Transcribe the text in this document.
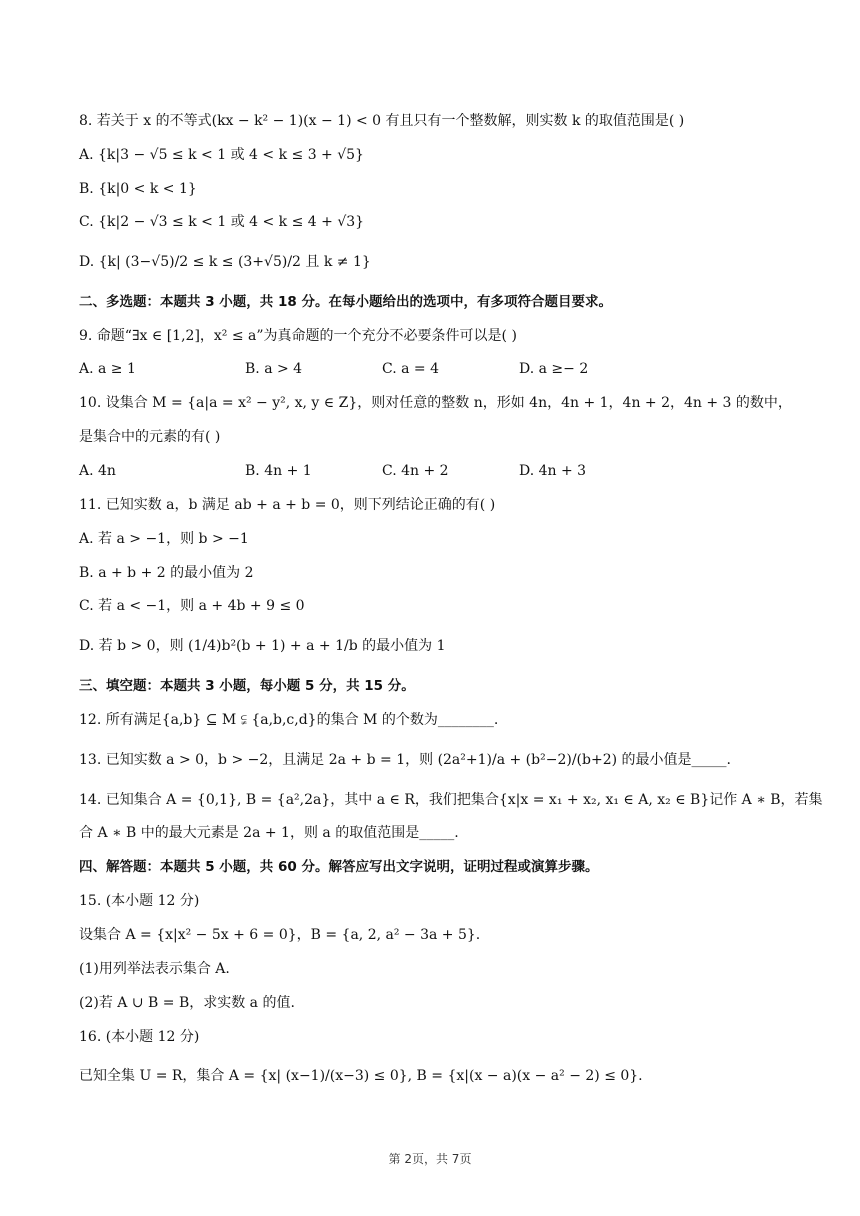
8. 若关于 x 的不等式(kx − k² − 1)(x − 1) < 0 有且只有一个整数解，则实数 k 的取值范围是( )
A. {k|3 − √5 ≤ k < 1 或 4 < k ≤ 3 + √5}
B. {k|0 < k < 1}
C. {k|2 − √3 ≤ k < 1 或 4 < k ≤ 4 + √3}
D. {k| (3−√5)/2 ≤ k ≤ (3+√5)/2 且 k ≠ 1}
二、多选题：本题共 3 小题，共 18 分。在每小题给出的选项中，有多项符合题目要求。
9. 命题“∃x ∈ [1,2]，x² ≤ a”为真命题的一个充分不必要条件可以是( )
A. a ≥ 1	B. a > 4	C. a = 4	D. a ≥− 2
10. 设集合 M = {a|a = x² − y², x, y ∈ Z}，则对任意的整数 n，形如 4n，4n + 1，4n + 2，4n + 3 的数中，
是集合中的元素的有( )
A. 4n	B. 4n + 1	C. 4n + 2	D. 4n + 3
11. 已知实数 a，b 满足 ab + a + b = 0，则下列结论正确的有( )
A. 若 a > −1，则 b > −1
B. a + b + 2 的最小值为 2
C. 若 a < −1，则 a + 4b + 9 ≤ 0
D. 若 b > 0，则 (1/4)b²(b + 1) + a + 1/b 的最小值为 1
三、填空题：本题共 3 小题，每小题 5 分，共 15 分。
12. 所有满足{a,b} ⊆ M ⫋ {a,b,c,d}的集合 M 的个数为________.
13. 已知实数 a > 0，b > −2，且满足 2a + b = 1，则 (2a²+1)/a + (b²−2)/(b+2) 的最小值是_____.
14. 已知集合 A = {0,1}, B = {a²,2a}，其中 a ∈ R，我们把集合{x|x = x₁ + x₂, x₁ ∈ A, x₂ ∈ B}记作 A ∗ B，若集
合 A ∗ B 中的最大元素是 2a + 1，则 a 的取值范围是_____.
四、解答题：本题共 5 小题，共 60 分。解答应写出文字说明，证明过程或演算步骤。
15. (本小题 12 分)
设集合 A = {x|x² − 5x + 6 = 0}，B = {a, 2, a² − 3a + 5}.
(1)用列举法表示集合 A.
(2)若 A ∪ B = B，求实数 a 的值.
16. (本小题 12 分)
已知全集 U = R，集合 A = {x| (x−1)/(x−3) ≤ 0}, B = {x|(x − a)(x − a² − 2) ≤ 0}.
第 2页，共 7页
